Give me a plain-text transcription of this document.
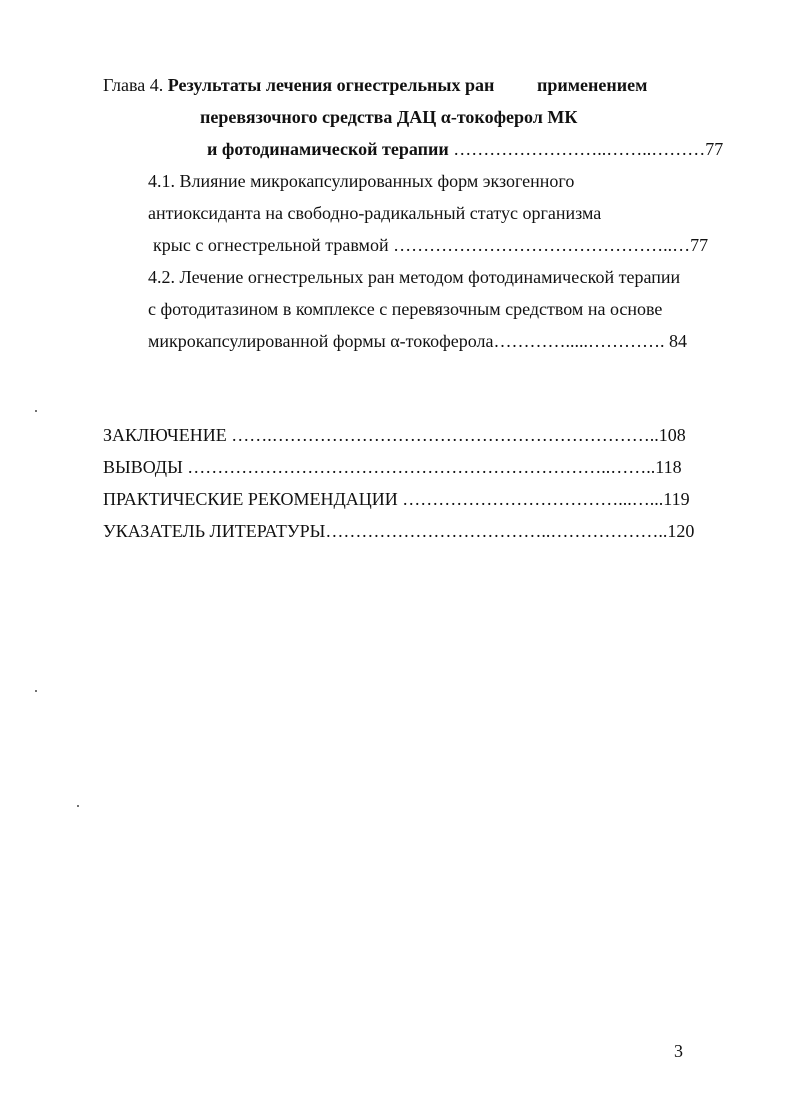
Глава 4. Результаты лечения огнестрельных ран применением
перевязочного средства ДАЦ α-токоферол МК
и фотодинамической терапии ……………………..……..………77
4.1. Влияние микрокапсулированных форм экзогенного
антиоксиданта на свободно-радикальный статус организма
крыс с огнестрельной травмой ………………………………………..…77
4.2. Лечение огнестрельных ран методом фотодинамической терапии
с фотодитазином в комплексе с перевязочным средством на основе
микрокапсулированной формы α-токоферола………….....…………. 84
ЗАКЛЮЧЕНИЕ …….………………………………………………………..108
ВЫВОДЫ ……………………………………………………………..……..118
ПРАКТИЧЕСКИЕ РЕКОМЕНДАЦИИ ………………………………...…...119
УКАЗАТЕЛЬ ЛИТЕРАТУРЫ………………………………..………………..120
3
